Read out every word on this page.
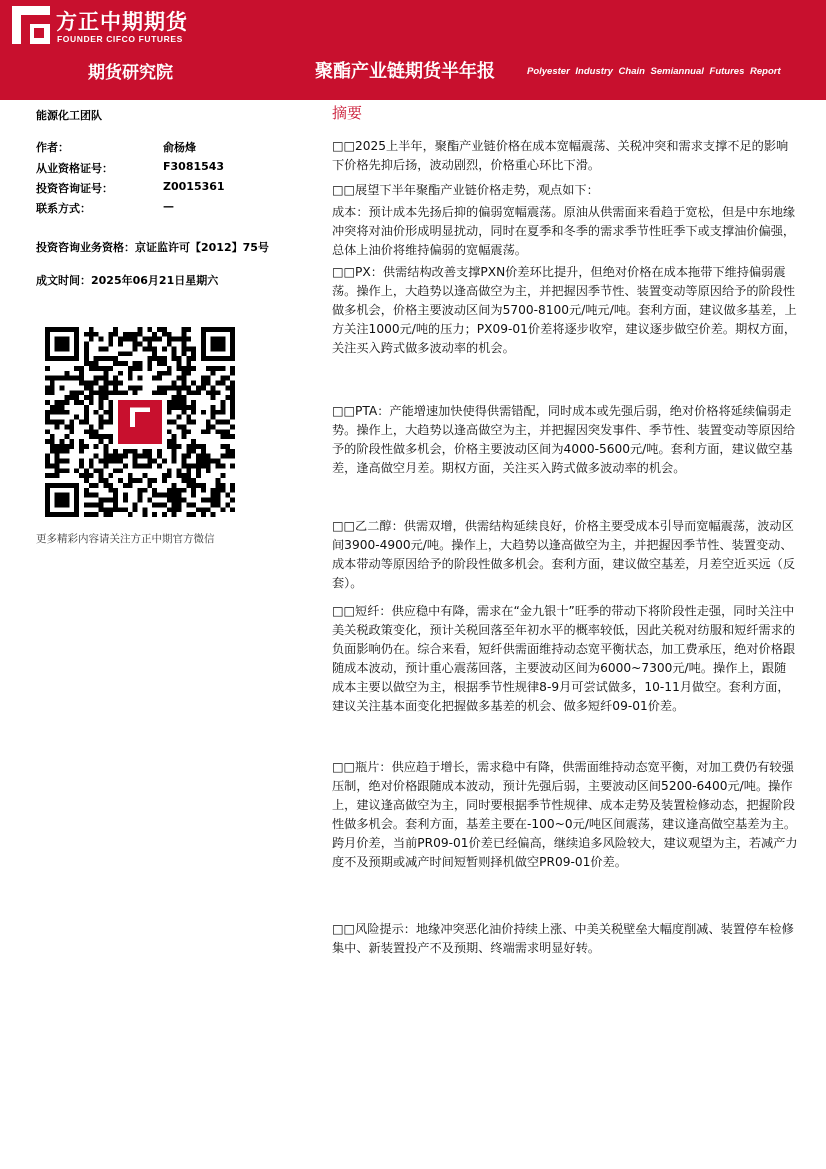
方正中期期货
FOUNDER CIFCO FUTURES
期货研究院	聚酯产业链期货半年报	Polyester Industry Chain Semiannual Futures Report
能源化工团队
作者：	俞杨烽
从业资格证号：	F3081543
投资咨询证号：	Z0015361
联系方式：	—
投资咨询业务资格：京证监许可【2012】75号
成文时间：2025年06月21日星期六
更多精彩内容请关注方正中期官方微信
摘要

□□2025上半年，聚酯产业链价格在成本宽幅震荡、关税冲突和需求支撑不足的影响下价格先抑后扬，波动剧烈，价格重心环比下滑。

□□展望下半年聚酯产业链价格走势，观点如下：

成本：预计成本先扬后抑的偏弱宽幅震荡。原油从供需面来看趋于宽松，但是中东地缘冲突将对油价形成明显扰动，同时在夏季和冬季的需求季节性旺季下或支撑油价偏强，总体上油价将维持偏弱的宽幅震荡。

□□PX：供需结构改善支撑PXN价差环比提升，但绝对价格在成本拖带下维持偏弱震荡。操作上，大趋势以逢高做空为主，并把握因季节性、装置变动等原因给予的阶段性做多机会，价格主要波动区间为5700-8100元/吨元/吨。套利方面，建议做多基差，上方关注1000元/吨的压力；PX09-01价差将逐步收窄，建议逐步做空价差。期权方面，关注买入跨式做多波动率的机会。

□□PTA：产能增速加快使得供需错配，同时成本或先强后弱，绝对价格将延续偏弱走势。操作上，大趋势以逢高做空为主，并把握因突发事件、季节性、装置变动等原因给予的阶段性做多机会，价格主要波动区间为4000-5600元/吨。套利方面，建议做空基差，逢高做空月差。期权方面，关注买入跨式做多波动率的机会。

□□乙二醇：供需双增，供需结构延续良好，价格主要受成本引导而宽幅震荡，波动区间3900-4900元/吨。操作上，大趋势以逢高做空为主，并把握因季节性、装置变动、成本带动等原因给予的阶段性做多机会。套利方面，建议做空基差，月差空近买远（反套）。

□□短纤：供应稳中有降，需求在“金九银十”旺季的带动下将阶段性走强，同时关注中美关税政策变化，预计关税回落至年初水平的概率较低，因此关税对纺服和短纤需求的负面影响仍在。综合来看，短纤供需面维持动态宽平衡状态，加工费承压，绝对价格跟随成本波动，预计重心震荡回落，主要波动区间为6000~7300元/吨。操作上，跟随成本主要以做空为主，根据季节性规律8-9月可尝试做多，10-11月做空。套利方面，建议关注基本面变化把握做多基差的机会、做多短纤09-01价差。

□□瓶片：供应趋于增长，需求稳中有降，供需面维持动态宽平衡，对加工费仍有较强压制，绝对价格跟随成本波动，预计先强后弱，主要波动区间5200-6400元/吨。操作上，建议逢高做空为主，同时要根据季节性规律、成本走势及装置检修动态，把握阶段性做多机会。套利方面，基差主要在-100~0元/吨区间震荡，建议逢高做空基差为主。跨月价差，当前PR09-01价差已经偏高，继续追多风险较大，建议观望为主，若减产力度不及预期或减产时间短暂则择机做空PR09-01价差。

□□风险提示：地缘冲突恶化油价持续上涨、中美关税壁垒大幅度削减、装置停车检修集中、新装置投产不及预期、终端需求明显好转。
